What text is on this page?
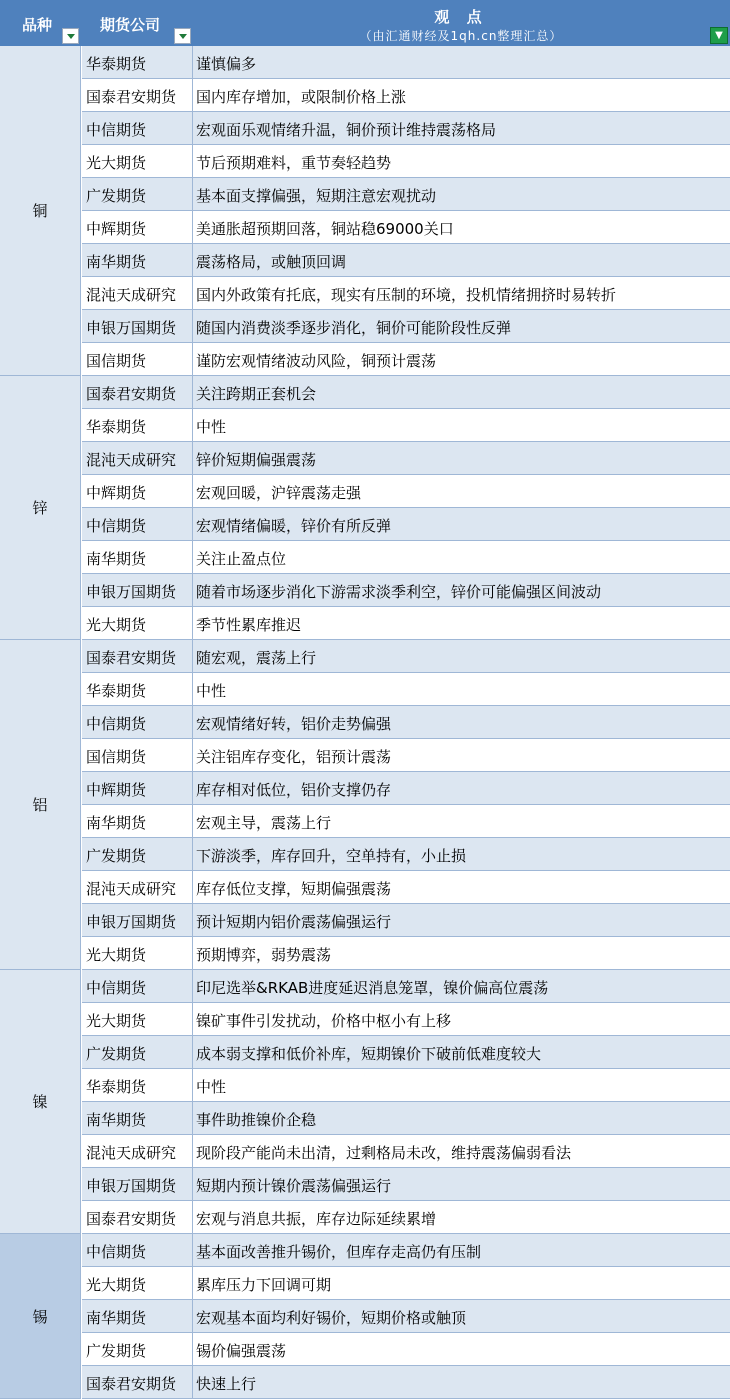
品种	期货公司	观 点
（由汇通财经及1qh.cn整理汇总）	▼
铜
华泰期货	谨慎偏多
国泰君安期货 国内库存增加，或限制价格上涨
中信期货	宏观面乐观情绪升温，铜价预计维持震荡格局
光大期货	节后预期难料，重节奏轻趋势
广发期货	基本面支撑偏强，短期注意宏观扰动
中辉期货	美通胀超预期回落，铜站稳69000关口
南华期货	震荡格局，或触顶回调
混沌天成研究 国内外政策有托底，现实有压制的环境，投机情绪拥挤时易转折
申银万国期货 随国内消费淡季逐步消化，铜价可能阶段性反弹
国信期货	谨防宏观情绪波动风险，铜预计震荡
锌
国泰君安期货 关注跨期正套机会
华泰期货	中性
混沌天成研究 锌价短期偏强震荡
中辉期货	宏观回暖，沪锌震荡走强
中信期货	宏观情绪偏暖，锌价有所反弹
南华期货	关注止盈点位
申银万国期货 随着市场逐步消化下游需求淡季利空，锌价可能偏强区间波动
光大期货	季节性累库推迟
铝
国泰君安期货 随宏观，震荡上行
华泰期货	中性
中信期货	宏观情绪好转，铝价走势偏强
国信期货	关注铝库存变化，铝预计震荡
中辉期货	库存相对低位，铝价支撑仍存
南华期货	宏观主导，震荡上行
广发期货	下游淡季，库存回升，空单持有，小止损
混沌天成研究 库存低位支撑，短期偏强震荡
申银万国期货 预计短期内铝价震荡偏强运行
光大期货	预期博弈，弱势震荡
镍
中信期货	印尼选举&RKAB进度延迟消息笼罩，镍价偏高位震荡
光大期货	镍矿事件引发扰动，价格中枢小有上移
广发期货	成本弱支撑和低价补库，短期镍价下破前低难度较大
华泰期货	中性
南华期货	事件助推镍价企稳
混沌天成研究 现阶段产能尚未出清，过剩格局未改，维持震荡偏弱看法
申银万国期货 短期内预计镍价震荡偏强运行
国泰君安期货 宏观与消息共振，库存边际延续累增
锡
中信期货	基本面改善推升锡价，但库存走高仍有压制
光大期货	累库压力下回调可期
南华期货	宏观基本面均利好锡价，短期价格或触顶
广发期货	锡价偏强震荡
国泰君安期货 快速上行
